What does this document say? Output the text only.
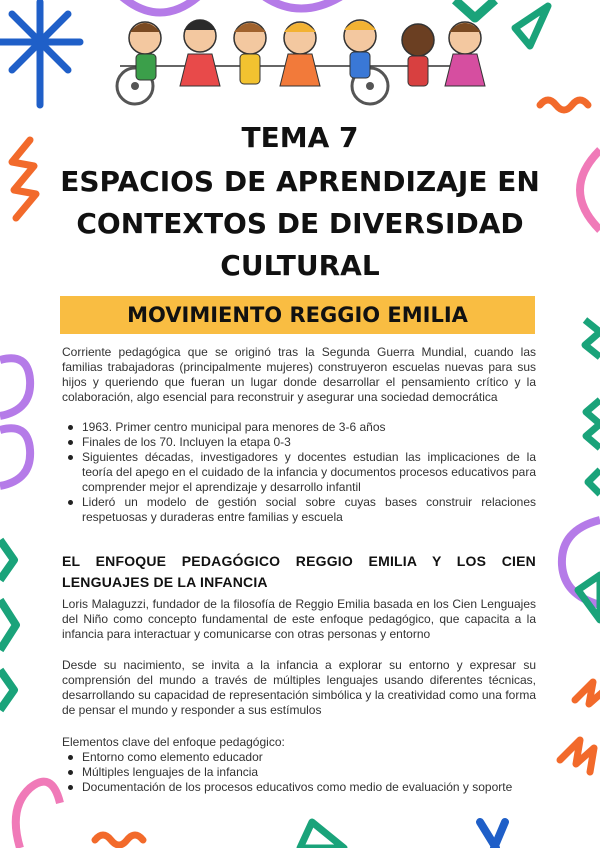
TEMA 7
ESPACIOS DE APRENDIZAJE EN
CONTEXTOS DE DIVERSIDAD
CULTURAL
MOVIMIENTO REGGIO EMILIA
Corriente pedagógica que se originó tras la Segunda Guerra Mundial, cuando las familias trabajadoras (principalmente mujeres) construyeron escuelas nuevas para sus hijos y queriendo que fueran un lugar donde desarrollar el pensamiento crítico y la colaboración, algo esencial para reconstruir y asegurar una sociedad democrática
1963. Primer centro municipal para menores de 3-6 años
Finales de los 70. Incluyen la etapa 0-3
Siguientes décadas, investigadores y docentes estudian las implicaciones de la teoría del apego en el cuidado de la infancia y documentos procesos educativos para comprender mejor el aprendizaje y desarrollo infantil
Lideró un modelo de gestión social sobre cuyas bases construir relaciones respetuosas y duraderas entre familias y escuela
EL ENFOQUE PEDAGÓGICO REGGIO EMILIA Y LOS CIEN LENGUAJES DE LA INFANCIA
Loris Malaguzzi, fundador de la filosofía de Reggio Emilia basada en los Cien Lenguajes del Niño como concepto fundamental de este enfoque pedagógico, que capacita a la infancia para interactuar y comunicarse con otras personas y entorno
Desde su nacimiento, se invita a la infancia a explorar su entorno y expresar su comprensión del mundo a través de múltiples lenguajes usando diferentes técnicas, desarrollando su capacidad de representación simbólica y la creatividad como una forma de pensar el mundo y responder a sus estímulos
Elementos clave del enfoque pedagógico:
Entorno como elemento educador
Múltiples lenguajes de la infancia
Documentación de los procesos educativos como medio de evaluación y soporte
